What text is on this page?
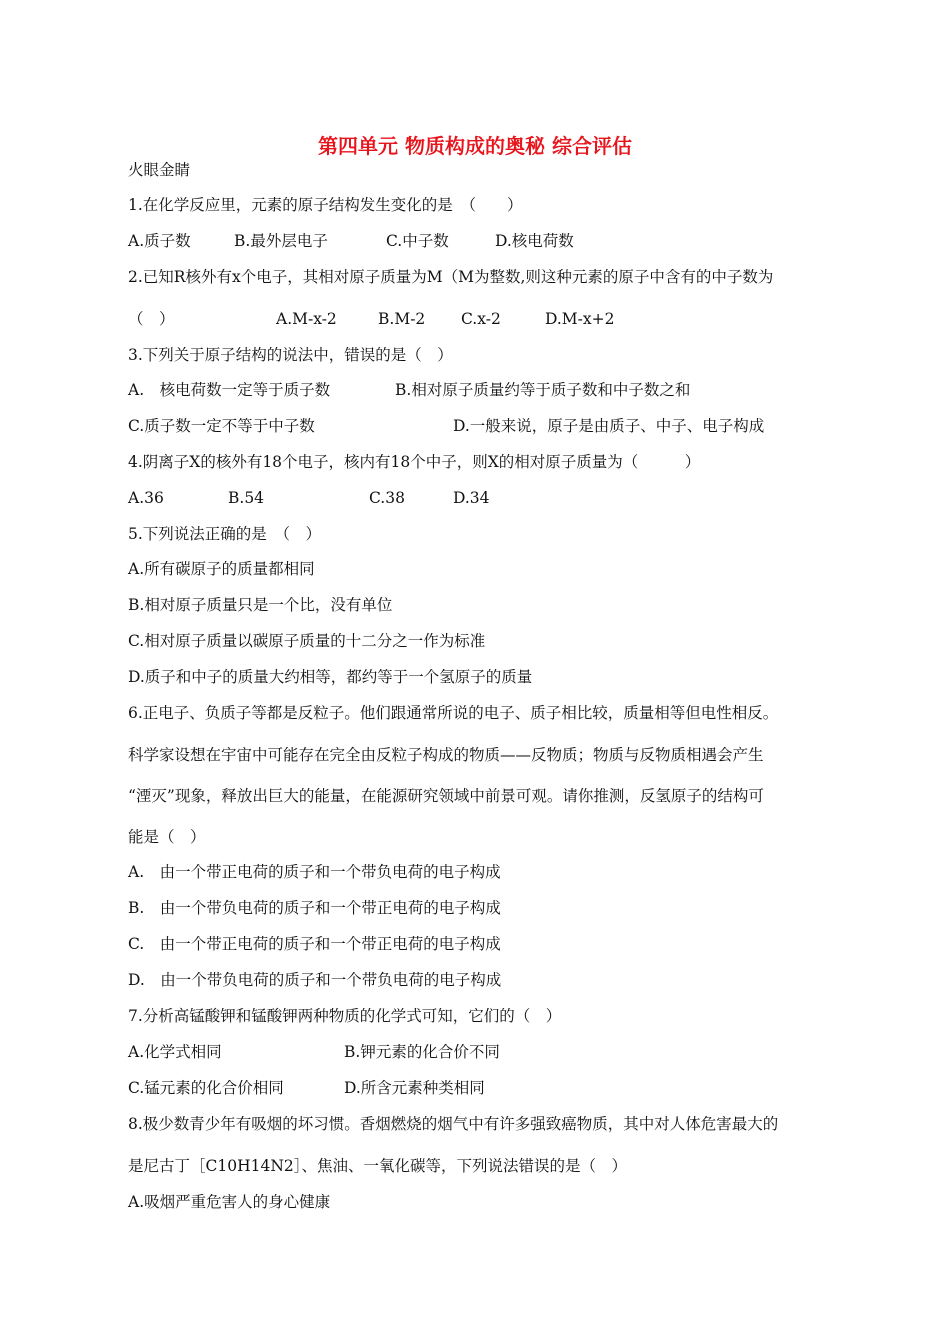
第四单元 物质构成的奥秘 综合评估
火眼金睛
1.在化学反应里，元素的原子结构发生变化的是　（　　）
A.质子数	B.最外层电子	C.中子数	D.核电荷数
2.已知R核外有x个电子，其相对原子质量为M（M为整数,则这种元素的原子中含有的中子数为
（　）	A.M-x-2	B.M-2 C.x-2	D.M-x+2
3.下列关于原子结构的说法中，错误的是（　）
A.　核电荷数一定等于质子数	B.相对原子质量约等于质子数和中子数之和
C.质子数一定不等于中子数	D.一般来说，原子是由质子、中子、电子构成
4.阴离子X的核外有18个电子，核内有18个中子，则X的相对原子质量为（　　　）
A.36	B.54	C.38	D.34
5.下列说法正确的是　（　）
A.所有碳原子的质量都相同
B.相对原子质量只是一个比，没有单位
C.相对原子质量以碳原子质量的十二分之一作为标准
D.质子和中子的质量大约相等，都约等于一个氢原子的质量
6.正电子、负质子等都是反粒子。他们跟通常所说的电子、质子相比较，质量相等但电性相反。
科学家设想在宇宙中可能存在完全由反粒子构成的物质——反物质；物质与反物质相遇会产生
“湮灭”现象，释放出巨大的能量，在能源研究领域中前景可观。请你推测，反氢原子的结构可
能是（　）
A.　由一个带正电荷的质子和一个带负电荷的电子构成
B.　由一个带负电荷的质子和一个带正电荷的电子构成
C.　由一个带正电荷的质子和一个带正电荷的电子构成
D.　由一个带负电荷的质子和一个带负电荷的电子构成
7.分析高锰酸钾和锰酸钾两种物质的化学式可知，它们的（　）
A.化学式相同	B.钾元素的化合价不同
C.锰元素的化合价相同	D.所含元素种类相同
8.极少数青少年有吸烟的坏习惯。香烟燃烧的烟气中有许多强致癌物质，其中对人体危害最大的
是尼古丁［C10H14N2］、焦油、一氧化碳等，下列说法错误的是（　）
A.吸烟严重危害人的身心健康
